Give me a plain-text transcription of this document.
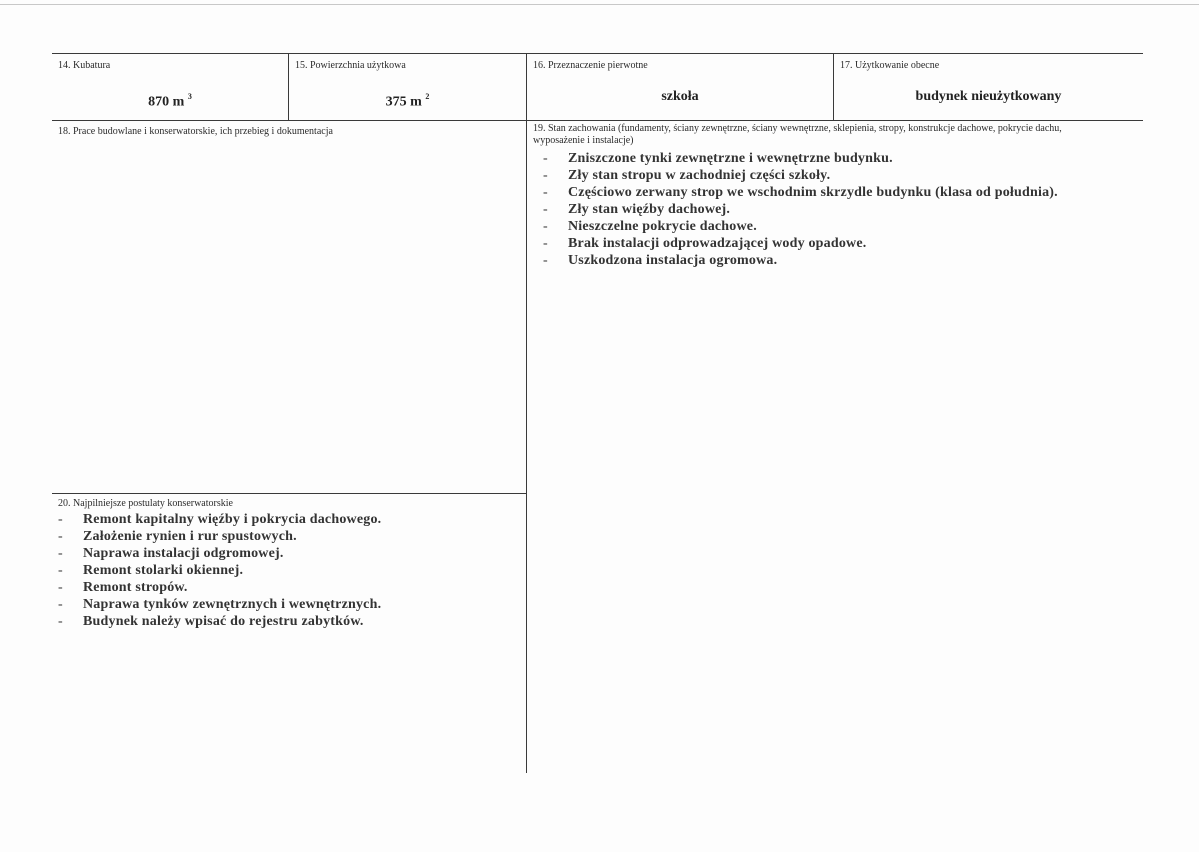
14. Kubatura
870 m $^3$
15. Powierzchnia użytkowa
375 m $^2$
16. Przeznaczenie pierwotne
szkoła
17. Użytkowanie obecne
budynek nieużytkowany
18. Prace budowlane i konserwatorskie, ich przebieg i dokumentacja	19. Stan zachowania (fundamenty, ściany zewnętrzne, ściany wewnętrzne, sklepienia, stropy, konstrukcje dachowe, pokrycie dachu, wyposażenie i instalacje)
- Zniszczone tynki zewnętrzne i wewnętrzne budynku.
- Zły stan stropu w zachodniej części szkoły.
- Częściowo zerwany strop we wschodnim skrzydle budynku (klasa od południa).
- Zły stan więźby dachowej.
- Nieszczelne pokrycie dachowe.
- Brak instalacji odprowadzającej wody opadowe.
- Uszkodzona instalacja ogromowa.
20. Najpilniejsze postulaty konserwatorskie
- Remont kapitalny więźby i pokrycia dachowego.
- Założenie rynien i rur spustowych.
- Naprawa instalacji odgromowej.
- Remont stolarki okiennej.
- Remont stropów.
- Naprawa tynków zewnętrznych i wewnętrznych.
- Budynek należy wpisać do rejestru zabytków.
